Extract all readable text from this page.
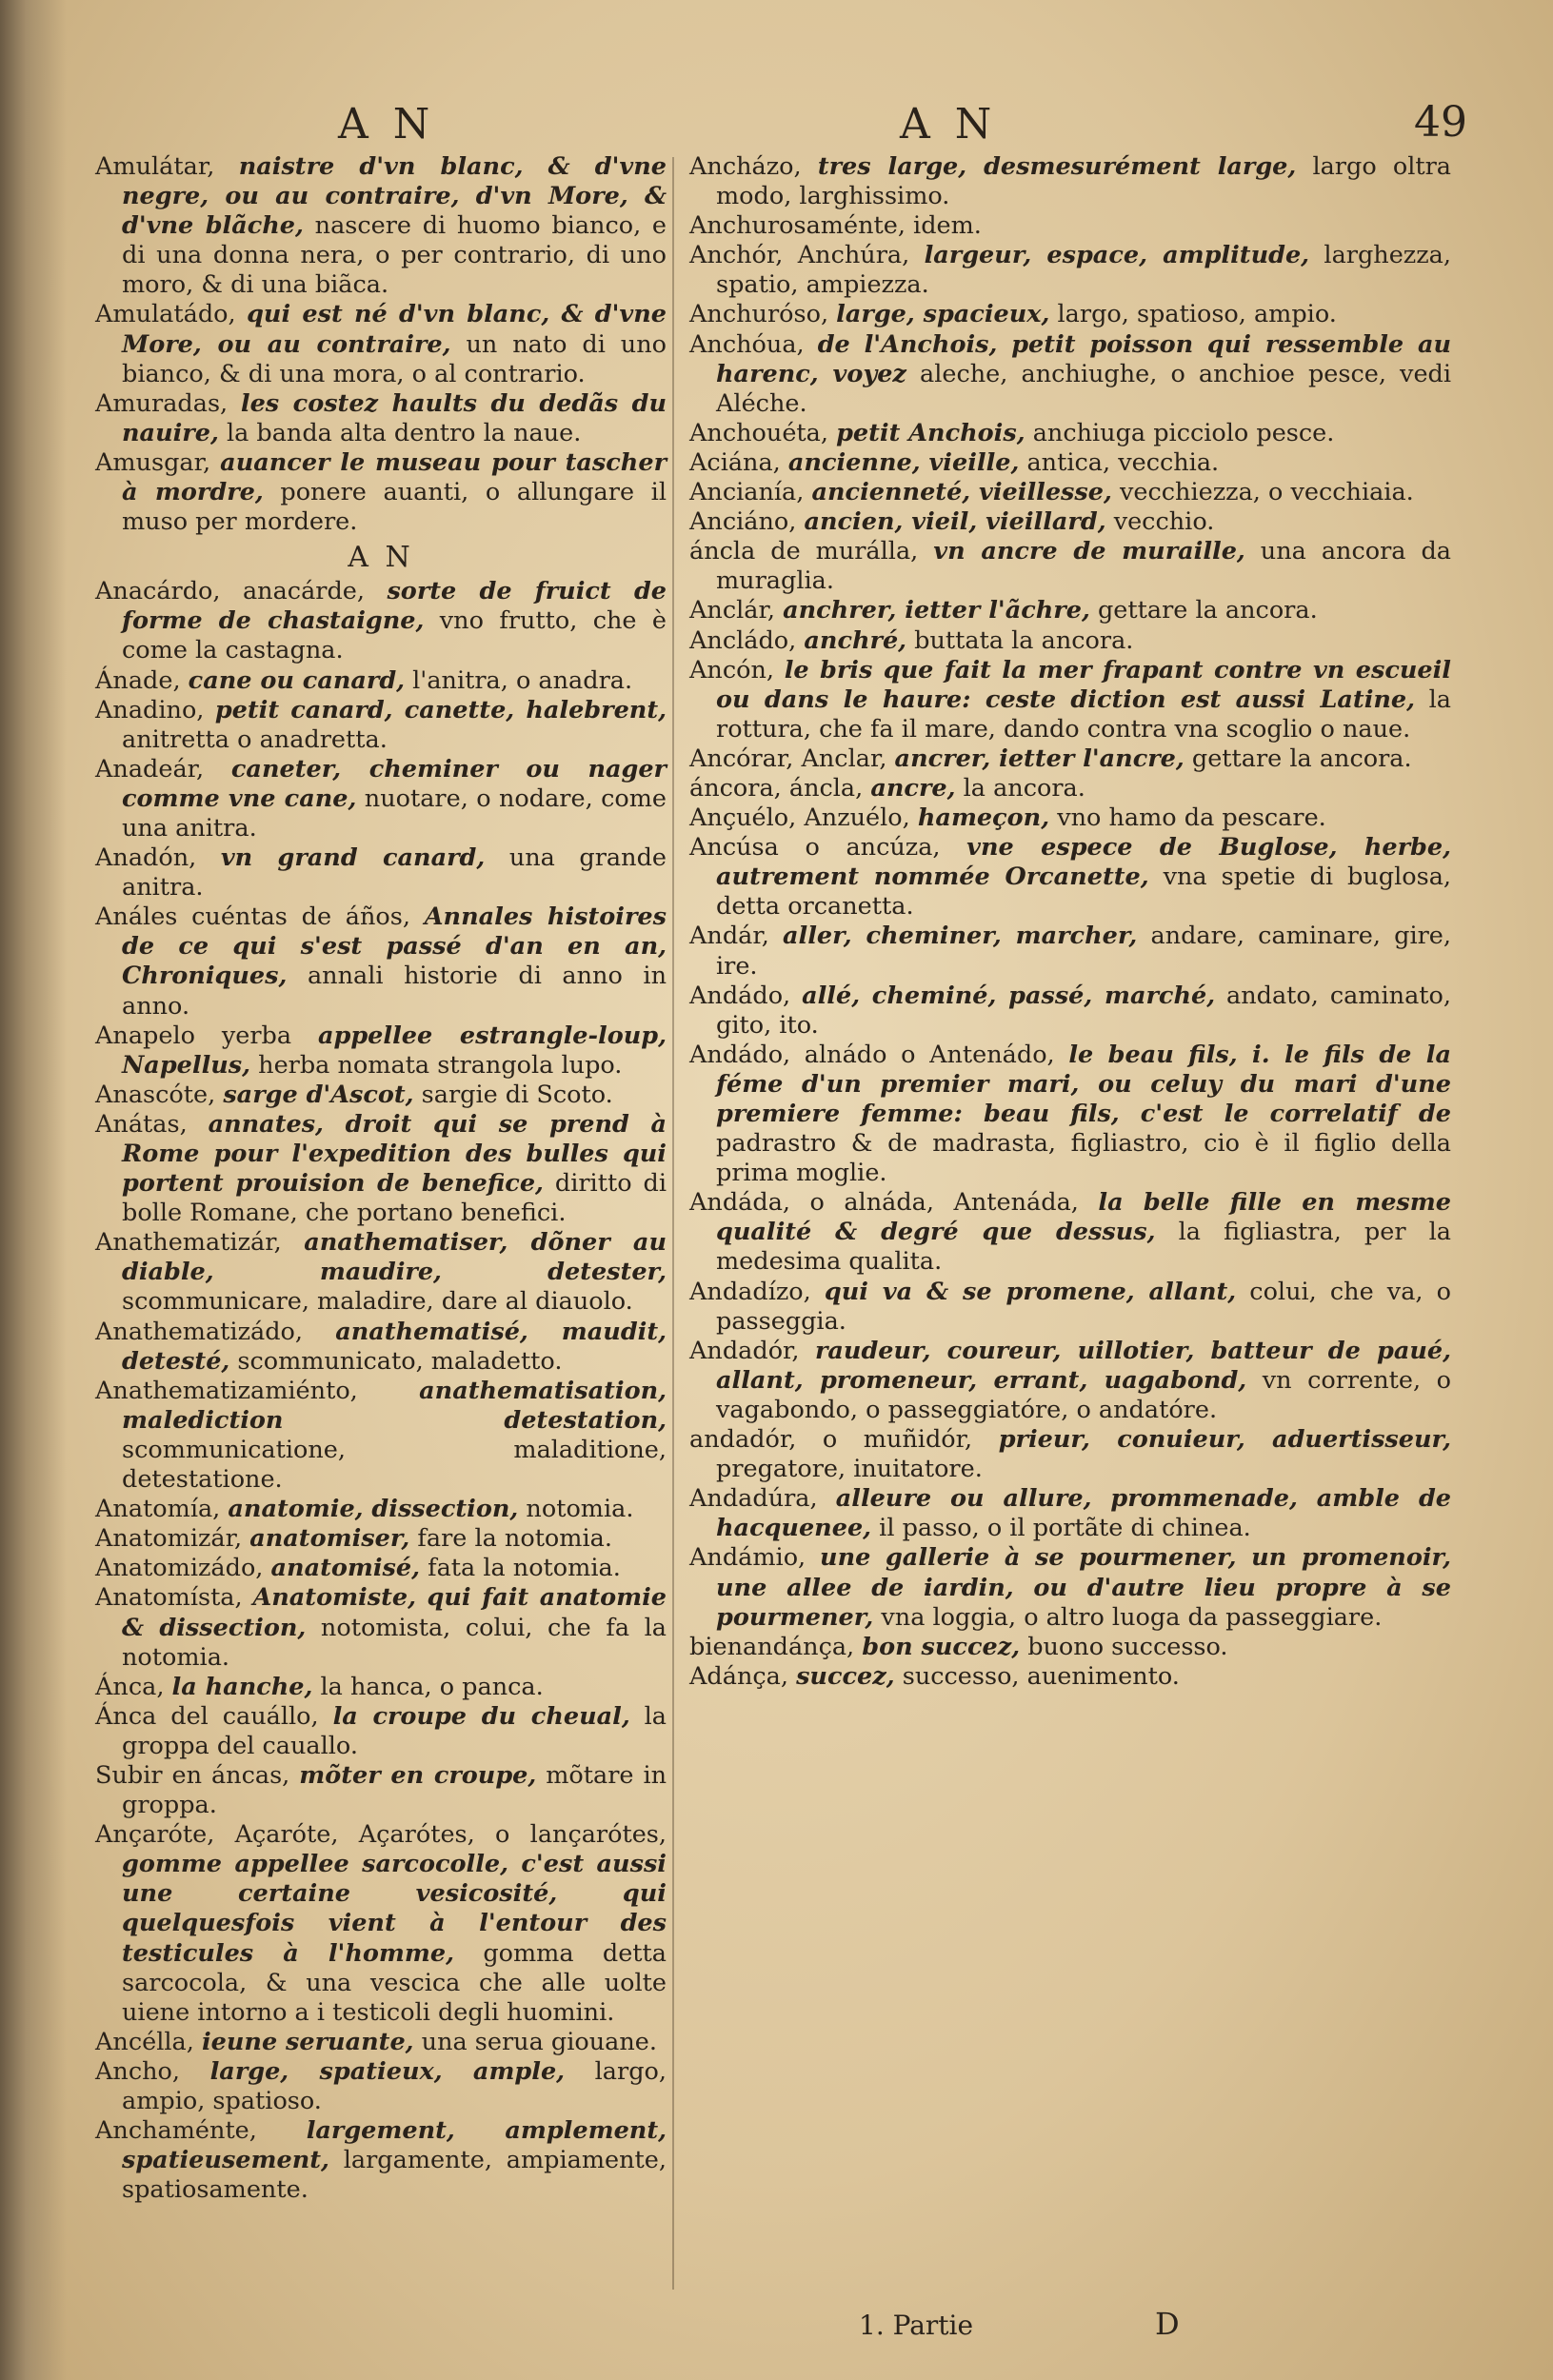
A N	A N	49

Amulátar, naistre d'vn blanc, & d'vne negre, ou au contraire, d'vn More, & d'vne blãche, nascere di huomo bianco, e di una donna nera, o per contrario, di uno moro, & di una biãca.

Amulatádo, qui est né d'vn blanc, & d'vne More, ou au contraire, un nato di uno bianco, & di una mora, o al contrario.

Amuradas, les costez haults du dedãs du nauire, la banda alta dentro la naue.

Amusgar, auancer le museau pour tascher à mordre, ponere auanti, o allungare il muso per mordere.

A N

Anacárdo, anacárde, sorte de fruict de forme de chastaigne, vno frutto, che è come la castagna.

Ánade, cane ou canard, l'anitra, o anadra.

Anadino, petit canard, canette, halebrent, anitretta o anadretta.

Anadeár, caneter, cheminer ou nager comme vne cane, nuotare, o nodare, come una anitra.

Anadón, vn grand canard, una grande anitra.

Análes cuéntas de áños, Annales histoires de ce qui s'est passé d'an en an, Chroniques, annali historie di anno in anno.

Anapelo yerba appellee estrangle-loup, Napellus, herba nomata strangola lupo.

Anascóte, sarge d'Ascot, sargie di Scoto.

Anátas, annates, droit qui se prend à Rome pour l'expedition des bulles qui portent prouision de benefice, diritto di bolle Romane, che portano benefici.

Anathematizár, anathematiser, dõner au diable, maudire, detester, scommunicare, maladire, dare al diauolo.

Anathematizádo, anathematisé, maudit, detesté, scommunicato, maladetto.

Anathematizamiénto,	anathematisation, malediction detestation, scommunicatione, maladitione, detestatione.

Anatomía, anatomie, dissection, notomia.

Anatomizár, anatomiser, fare la notomia.

Anatomizádo, anatomisé, fata la notomia.

Anatomísta, Anatomiste, qui fait anatomie & dissection, notomista, colui, che fa la notomia.

Ánca, la hanche, la hanca, o panca.

Ánca del cauállo, la croupe du cheual, la groppa del cauallo.

Subir en áncas, mõter en croupe, mõtare in groppa.

Ançaróte, Açaróte, Açarótes, o lançarótes, gomme appellee sarcocolle, c'est aussi une certaine vesicosité, qui quelquesfois vient à l'entour des testicules à l'homme, gomma detta sarcocola, & una vescica che alle uolte uiene intorno a i testicoli degli huomini.

Ancélla, ieune seruante, una serua giouane.

Ancho, large, spatieux, ample, largo, ampio, spatioso.

Anchaménte, largement, amplement, spatieusement, largamente, ampiamente, spatiosamente.

Ancházo, tres large, desmesurément large, largo oltra modo, larghissimo.

Anchurosaménte, idem.

Anchór, Anchúra, largeur, espace, amplitude, larghezza, spatio, ampiezza.

Anchuróso, large, spacieux, largo, spatioso, ampio.

Anchóua, de l'Anchois, petit poisson qui ressemble au harenc, voyez aleche, anchiughe, o anchioe pesce, vedi Aléche.

Anchouéta, petit Anchois, anchiuga picciolo pesce.

Aciána, ancienne, vieille, antica, vecchia.

Ancianía, ancienneté, vieillesse, vecchiezza, o vecchiaia.

Anciáno, ancien, vieil, vieillard, vecchio.

áncla de murálla, vn ancre de muraille, una ancora da muraglia.

Anclár, anchrer, ietter l'ãchre, gettare la ancora.

Ancládo, anchré, buttata la ancora.

Ancón, le bris que fait la mer frapant contre vn escueil ou dans le haure: ceste diction est aussi Latine, la rottura, che fa il mare, dando contra vna scoglio o naue.

Ancórar, Anclar, ancrer, ietter l'ancre, gettare la ancora.

áncora, áncla, ancre, la ancora.

Ançuélo, Anzuélo, hameçon, vno hamo da pescare.

Ancúsa o ancúza, vne espece de Buglose, herbe, autrement nommée Orcanette, vna spetie di buglosa, detta orcanetta.

Andár, aller, cheminer, marcher, andare, caminare, gire, ire.

Andádo, allé, cheminé, passé, marché, andato, caminato, gito, ito.

Andádo, alnádo o Antenádo, le beau fils, i. le fils de la féme d'un premier mari, ou celuy du mari d'une premiere femme: beau fils, c'est le correlatif de padrastro & de madrasta, figliastro, cio è il figlio della prima moglie.

Andáda, o alnáda, Antenáda, la belle fille en mesme qualité & degré que dessus, la figliastra, per la medesima qualita.

Andadízo, qui va & se promene, allant, colui, che va, o passeggia.

Andadór, raudeur, coureur, uillotier, batteur de paué, allant, promeneur, errant, uagabond, vn corrente, o vagabondo, o passeggiatóre, o andatóre.

andadór, o muñidór, prieur, conuieur, aduertisseur, pregatore, inuitatore.

Andadúra, alleure ou allure, prommenade, amble de hacquenee, il passo, o il portãte di chinea.

Andámio, une gallerie à se pourmener, un promenoir, une allee de iardin, ou d'autre lieu propre à se pourmener, vna loggia, o altro luoga da passeggiare.

bienandánça, bon succez, buono successo.

Adánça, succez, successo, auenimento.

1. Partie	D
